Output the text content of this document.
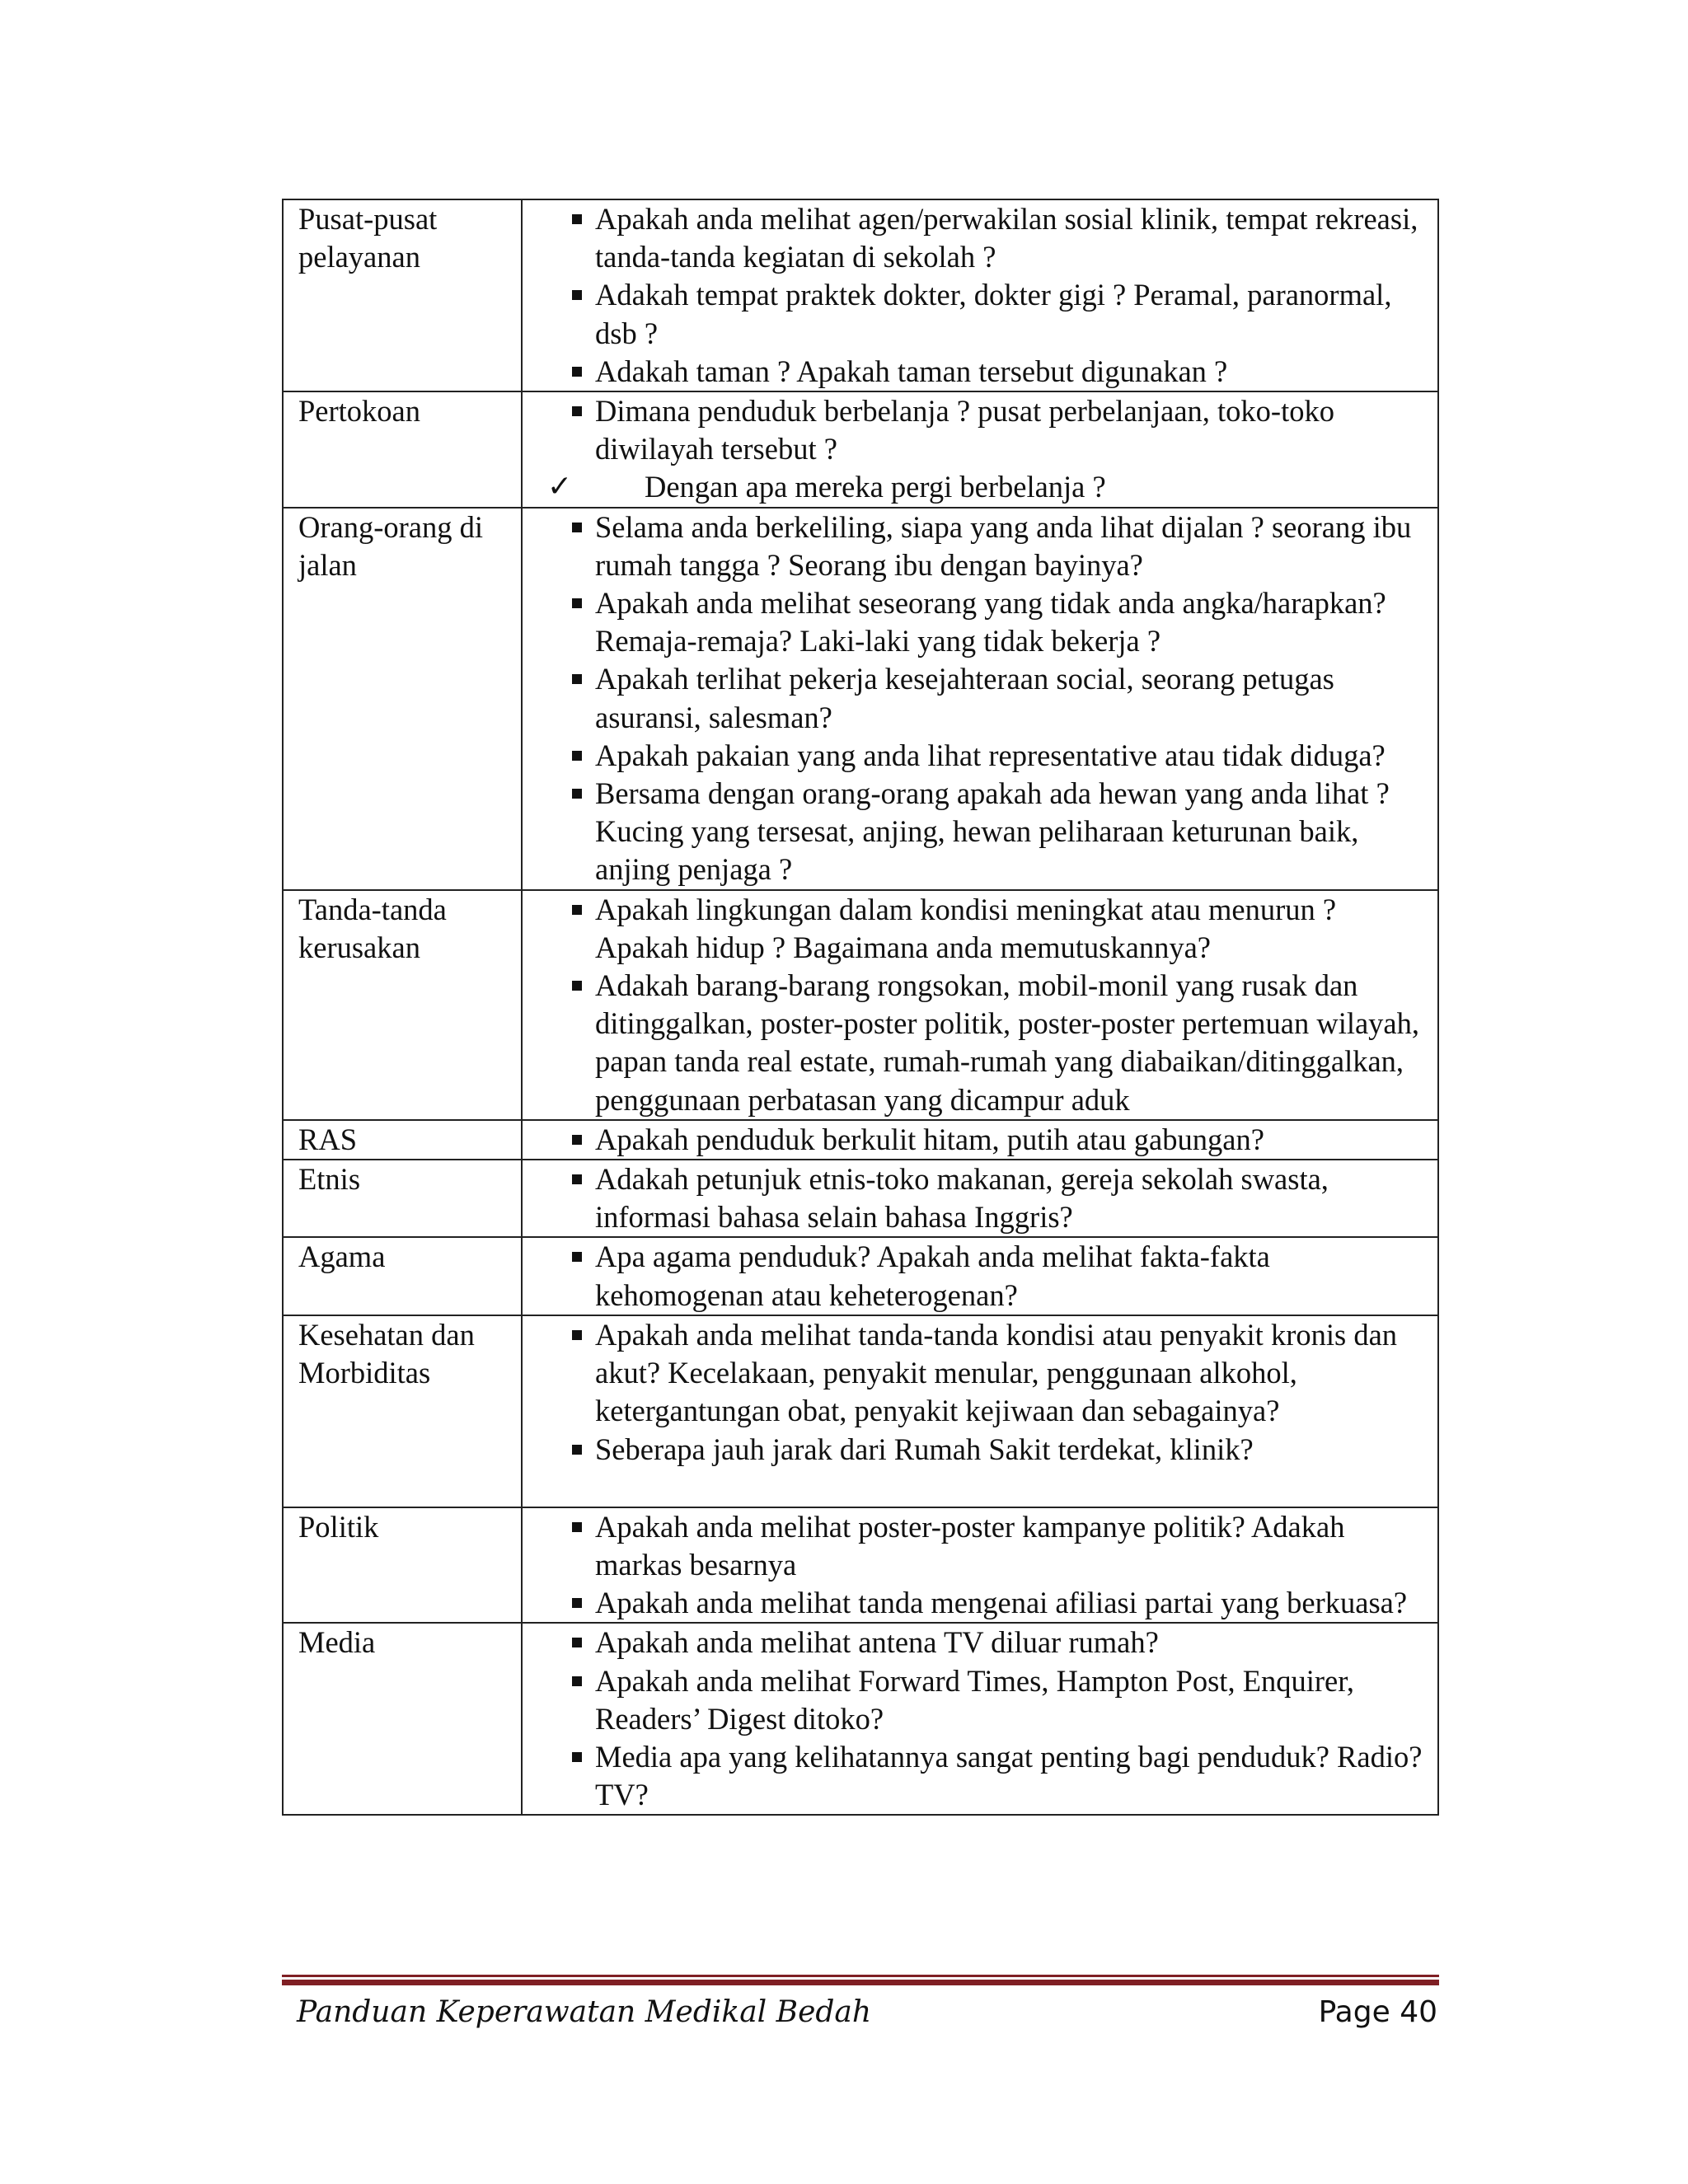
Pusat-pusat pelayanan	Apakah anda melihat agen/perwakilan sosial klinik, tempat rekreasi, tanda-tanda kegiatan di sekolah ?
Adakah tempat praktek dokter, dokter gigi ? Peramal, paranormal, dsb ?
Adakah taman ? Apakah taman tersebut digunakan ?

Pertokoan	Dimana penduduk berbelanja ? pusat perbelanjaan, toko-toko diwilayah tersebut ?
✓ Dengan apa mereka pergi berbelanja ?

Orang-orang di jalan	Selama anda berkeliling, siapa yang anda lihat dijalan ? seorang ibu rumah tangga ? Seorang ibu dengan bayinya?
Apakah anda melihat seseorang yang tidak anda angka/harapkan? Remaja-remaja? Laki-laki yang tidak bekerja ?
Apakah terlihat pekerja kesejahteraan social, seorang petugas asuransi, salesman?
Apakah pakaian yang anda lihat representative atau tidak diduga?
Bersama dengan orang-orang apakah ada hewan yang anda lihat ? Kucing yang tersesat, anjing, hewan peliharaan keturunan baik, anjing penjaga ?

Tanda-tanda kerusakan	Apakah lingkungan dalam kondisi meningkat atau menurun ? Apakah hidup ? Bagaimana anda memutuskannya?
Adakah barang-barang rongsokan, mobil-monil yang rusak dan ditinggalkan, poster-poster politik, poster-poster pertemuan wilayah, papan tanda real estate, rumah-rumah yang diabaikan/ditinggalkan, penggunaan perbatasan yang dicampur aduk

RAS	Apakah penduduk berkulit hitam, putih atau gabungan?

Etnis	Adakah petunjuk etnis-toko makanan, gereja sekolah swasta, informasi bahasa selain bahasa Inggris?

Agama	Apa agama penduduk? Apakah anda melihat fakta-fakta kehomogenan atau keheterogenan?

Kesehatan dan Morbiditas	Apakah anda melihat tanda-tanda kondisi atau penyakit kronis dan akut? Kecelakaan, penyakit menular, penggunaan alkohol, ketergantungan obat, penyakit kejiwaan dan sebagainya?
Seberapa jauh jarak dari Rumah Sakit terdekat, klinik?

Politik	Apakah anda melihat poster-poster kampanye politik? Adakah markas besarnya
Apakah anda melihat tanda mengenai afiliasi partai yang berkuasa?

Media	Apakah anda melihat antena TV diluar rumah?
Apakah anda melihat Forward Times, Hampton Post, Enquirer, Readers’ Digest ditoko?
Media apa yang kelihatannya sangat penting bagi penduduk? Radio? TV?
Panduan Keperawatan Medikal Bedah	Page 40
